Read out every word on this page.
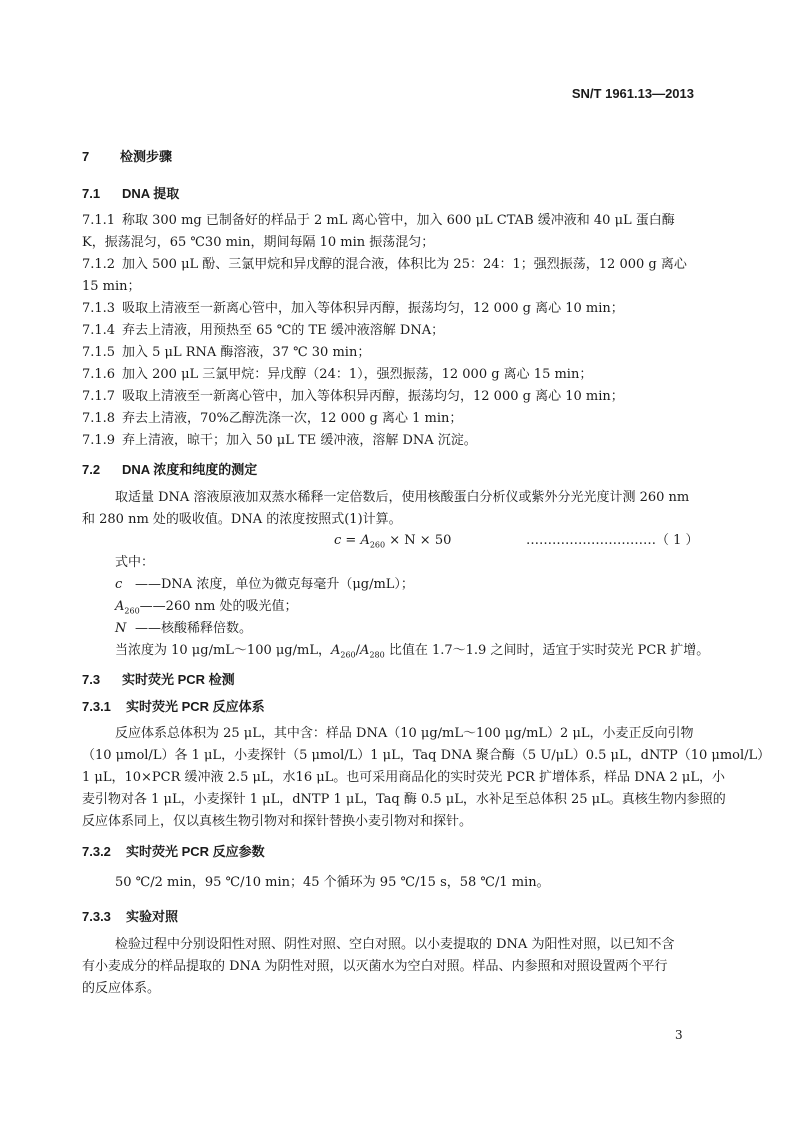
SN/T 1961.13—2013
7 检测步骤
7.1 DNA 提取
7.1.1 称取 300 mg 已制备好的样品于 2 mL 离心管中，加入 600 μL CTAB 缓冲液和 40 μL 蛋白酶
K，振荡混匀，65 ℃30 min，期间每隔 10 min 振荡混匀；
7.1.2 加入 500 μL 酚、三氯甲烷和异戊醇的混合液，体积比为 25：24：1；强烈振荡，12 000 g 离心
15 min；
7.1.3 吸取上清液至一新离心管中，加入等体积异丙醇，振荡均匀，12 000 g 离心 10 min；
7.1.4 弃去上清液，用预热至 65 ℃的 TE 缓冲液溶解 DNA；
7.1.5 加入 5 μL RNA 酶溶液，37 ℃ 30 min；
7.1.6 加入 200 μL 三氯甲烷：异戊醇（24：1），强烈振荡，12 000 g 离心 15 min；
7.1.7 吸取上清液至一新离心管中，加入等体积异丙醇，振荡均匀，12 000 g 离心 10 min；
7.1.8 弃去上清液，70%乙醇洗涤一次，12 000 g 离心 1 min；
7.1.9 弃上清液，晾干；加入 50 μL TE 缓冲液，溶解 DNA 沉淀。
7.2 DNA 浓度和纯度的测定
取适量 DNA 溶液原液加双蒸水稀释一定倍数后，使用核酸蛋白分析仪或紫外分光光度计测 260 nm
和 280 nm 处的吸收值。DNA 的浓度按照式(1)计算。
$c = A_{260} \times N \times 50$	…………………………（ 1 ）
式中：
c ——DNA 浓度，单位为微克每毫升（μg/mL）；
$A_{260}——260$ nm 处的吸光值；
N ——核酸稀释倍数。
当浓度为 10 μg/mL～100 μg/mL，$A_{260}/A_{280}$ 比值在 1.7～1.9 之间时，适宜于实时荧光 PCR 扩增。
7.3 实时荧光 PCR 检测
7.3.1 实时荧光 PCR 反应体系
反应体系总体积为 25 μL，其中含：样品 DNA（10 μg/mL～100 μg/mL）2 μL，小麦正反向引物
（10 μmol/L）各 1 μL，小麦探针（5 μmol/L）1 μL，Taq DNA 聚合酶（5 U/μL）0.5 μL，dNTP（10 μmol/L）
1 μL，10×PCR 缓冲液 2.5 μL，水16 μL。也可采用商品化的实时荧光 PCR 扩增体系，样品 DNA 2 μL，小
麦引物对各 1 μL，小麦探针 1 μL，dNTP 1 μL，Taq 酶 0.5 μL，水补足至总体积 25 μL。真核生物内参照的
反应体系同上，仅以真核生物引物对和探针替换小麦引物对和探针。
7.3.2 实时荧光 PCR 反应参数
50 ℃/2 min，95 ℃/10 min；45 个循环为 95 ℃/15 s，58 ℃/1 min。
7.3.3 实验对照
检验过程中分别设阳性对照、阴性对照、空白对照。以小麦提取的 DNA 为阳性对照，以已知不含
有小麦成分的样品提取的 DNA 为阴性对照，以灭菌水为空白对照。样品、内参照和对照设置两个平行
的反应体系。
3
